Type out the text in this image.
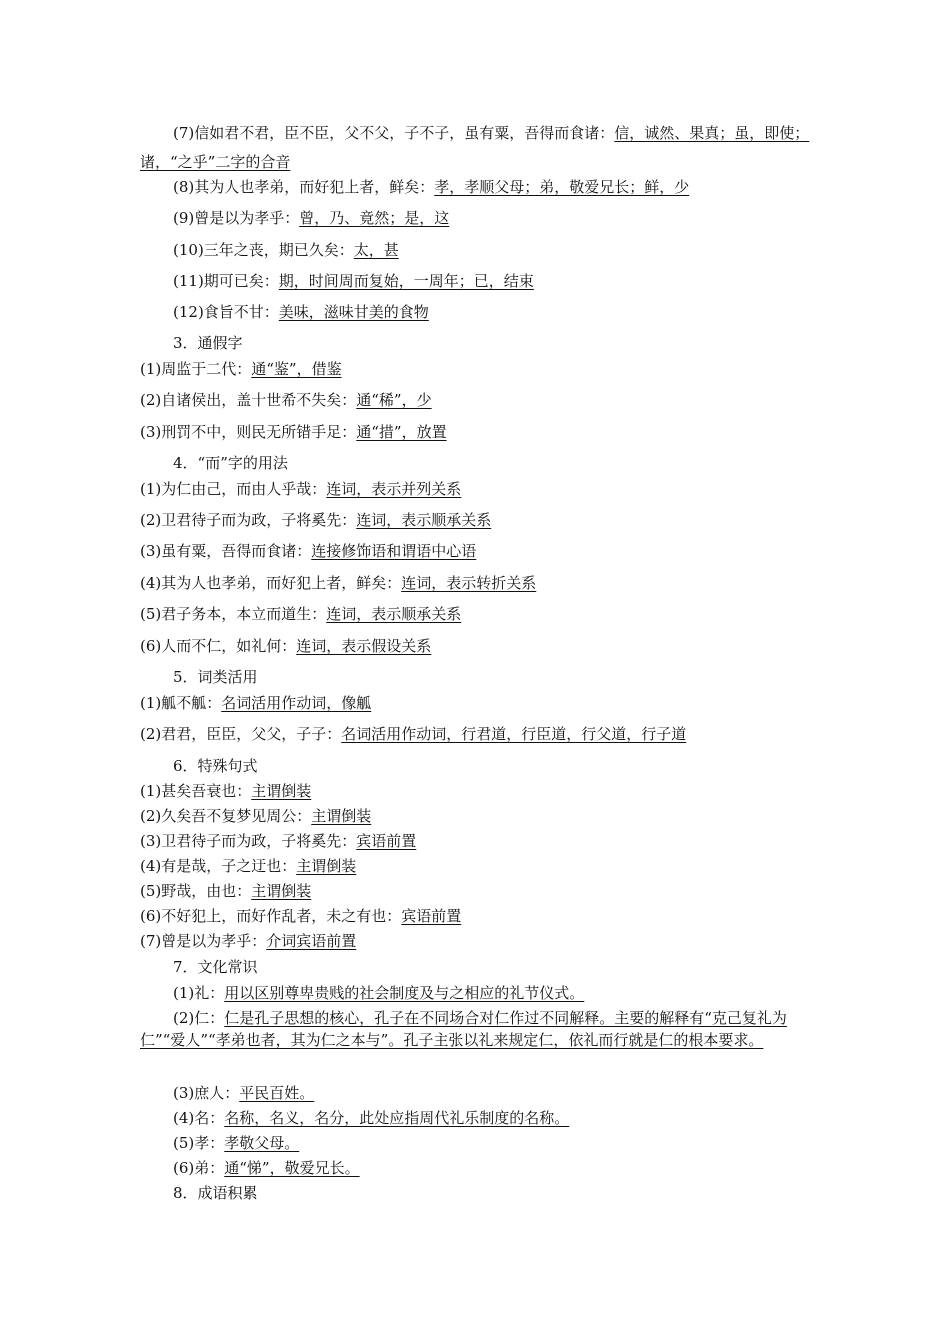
(7)信如君不君，臣不臣，父不父，子不子，虽有粟，吾得而食诸：信，诚然、果真；虽，即使；
诸，“之乎”二字的合音
(8)其为人也孝弟，而好犯上者，鲜矣：孝，孝顺父母；弟，敬爱兄长；鲜，少
(9)曾是以为孝乎：曾，乃、竟然；是，这
(10)三年之丧，期已久矣：太，甚
(11)期可已矣：期，时间周而复始，一周年；已，结束
(12)食旨不甘：美味，滋味甘美的食物
3．通假字
(1)周监于二代：通“鉴”，借鉴
(2)自诸侯出，盖十世希不失矣：通“稀”，少
(3)刑罚不中，则民无所错手足：通“措”，放置
4．“而”字的用法
(1)为仁由己，而由人乎哉：连词，表示并列关系
(2)卫君待子而为政，子将奚先：连词，表示顺承关系
(3)虽有粟，吾得而食诸：连接修饰语和谓语中心语
(4)其为人也孝弟，而好犯上者，鲜矣：连词，表示转折关系
(5)君子务本，本立而道生：连词，表示顺承关系
(6)人而不仁，如礼何：连词，表示假设关系
5．词类活用
(1)觚不觚：名词活用作动词，像觚
(2)君君，臣臣，父父，子子：名词活用作动词，行君道，行臣道，行父道，行子道
6．特殊句式
(1)甚矣吾衰也：主谓倒装
(2)久矣吾不复梦见周公：主谓倒装
(3)卫君待子而为政，子将奚先：宾语前置
(4)有是哉，子之迂也：主谓倒装
(5)野哉，由也：主谓倒装
(6)不好犯上，而好作乱者，未之有也：宾语前置
(7)曾是以为孝乎：介词宾语前置
7．文化常识
(1)礼：用以区别尊卑贵贱的社会制度及与之相应的礼节仪式。
(2)仁：仁是孔子思想的核心，孔子在不同场合对仁作过不同解释。主要的解释有“克己复礼为仁”“爱人”“孝弟也者，其为仁之本与”。孔子主张以礼来规定仁，依礼而行就是仁的根本要求。
(3)庶人：平民百姓。
(4)名：名称，名义，名分，此处应指周代礼乐制度的名称。
(5)孝：孝敬父母。
(6)弟：通“悌”，敬爱兄长。
8．成语积累
